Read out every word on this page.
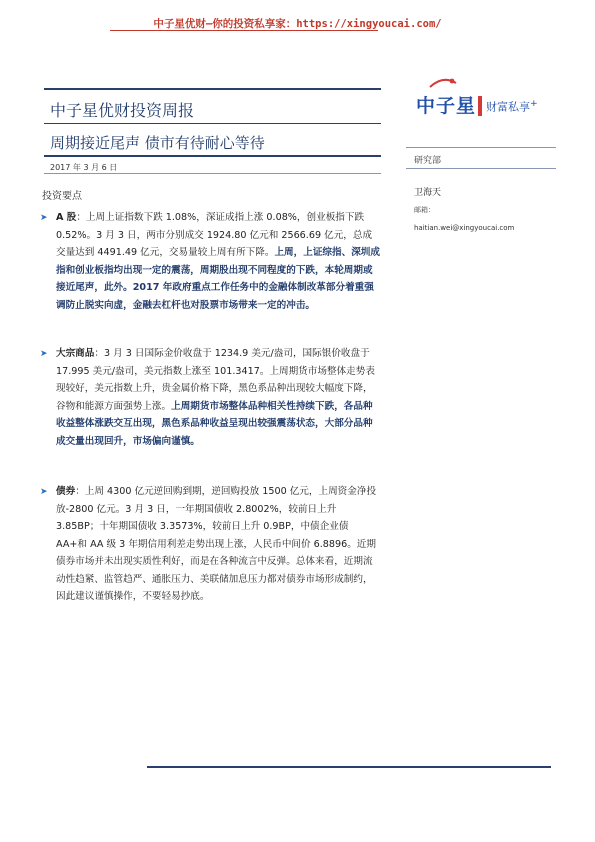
中子星优财—你的投资私享家：https://xingyoucai.com/
中子星优财投资周报
周期接近尾声 债市有待耐心等待
2017 年 3 月 6 日
投资要点
➤ A 股：上周上证指数下跌 1.08%，深证成指上涨 0.08%，创业板指下跌 0.52%。3 月 3 日，两市分别成交 1924.80 亿元和 2566.69 亿元，总成交量达到 4491.49 亿元，交易量较上周有所下降。上周，上证综指、深圳成指和创业板指均出现一定的震荡，周期股出现不同程度的下跌，本轮周期或接近尾声，此外。2017 年政府重点工作任务中的金融体制改革部分着重强调防止脱实向虚，金融去杠杆也对股票市场带来一定的冲击。
➤ 大宗商品：3 月 3 日国际金价收盘于 1234.9 美元/盎司，国际银价收盘于 17.995 美元/盎司，美元指数上涨至 101.3417。上周期货市场整体走势表现较好，美元指数上升，贵金属价格下降，黑色系品种出现较大幅度下降，谷物和能源方面强势上涨。上周期货市场整体品种相关性持续下跌，各品种收益整体涨跌交互出现，黑色系品种收益呈现出较强震荡状态，大部分品种成交量出现回升，市场偏向谨慎。
➤ 债券：上周 4300 亿元逆回购到期，逆回购投放 1500 亿元，上周资金净投放-2800 亿元。3 月 3 日，一年期国债收 2.8002%，较前日上升 3.85BP；十年期国债收 3.3573%，较前日上升 0.9BP，中债企业债 AA+和 AA 级 3 年期信用利差走势出现上涨，人民币中间价 6.8896。近期债券市场并未出现实质性利好，而是在各种流言中反弹。总体来看，近期流动性趋紧、监管趋严、通胀压力、美联储加息压力都对债券市场形成制约，因此建议谨慎操作，不要轻易抄底。
中子星 财富私享+
研究部
卫海天
邮箱：
haitian.wei@xingyoucai.com
